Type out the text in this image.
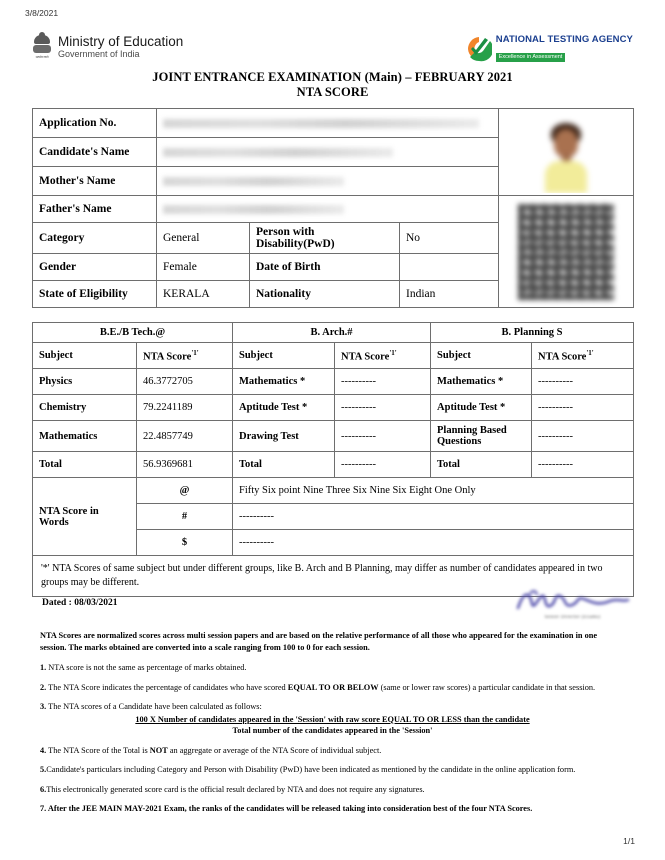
3/8/2021
सत्यमेव जयते
Ministry of Education
Government of India
NATIONAL TESTING AGENCY
Excellence in Assessment
JOINT ENTRANCE EXAMINATION (Main) – FEBRUARY 2021
NTA SCORE
Application No.			

Candidate's Name				

Mother's Name				

Father's Name			

Category	General	Person with Disability(PwD)	No	
Gender	Female	Date of Birth		
State of Eligibility	KERALA	Nationality	Indian	
B.E./B Tech.@		B. Arch.#		B. Planning S	
Subject	NTA Score$^{'1'}$	Subject	NTA Score$^{'1'}$	Subject	NTA Score$^{'1'}$
Physics	46.3772705	Mathematics *	----------	Mathematics *	----------
Chemistry	79.2241189	Aptitude Test *	----------	Aptitude Test *	----------
Mathematics	22.4857749	Drawing Test	----------	Planning Based Questions	----------
Total	56.9369681	Total	----------	Total	----------
NTA Score in Words	@	Fifty Six point Nine Three Six Nine Six Eight One Only			
	#	----------			
	$	----------			
'*' NTA Scores of same subject but under different groups, like B. Arch and B Planning, may differ as number of candidates appeared in two groups may be different.					
Dated : 08/03/2021
Senior Director (Exams)
NTA Scores are normalized scores across multi session papers and are based on the relative performance of all those who appeared for the examination in one session. The marks obtained are converted into a scale ranging from 100 to 0 for each session.
1. NTA score is not the same as percentage of marks obtained.
2. The NTA Score indicates the percentage of candidates who have scored EQUAL TO OR BELOW (same or lower raw scores) a particular candidate in that session.
3. The NTA scores of a Candidate have been calculated as follows:
100 X Number of candidates appeared in the 'Session' with raw score EQUAL TO OR LESS than the candidate
Total number of the candidates appeared in the 'Session'
4. The NTA Score of the Total is NOT an aggregate or average of the NTA Score of individual subject.
5.Candidate's particulars including Category and Person with Disability (PwD) have been indicated as mentioned by the candidate in the online application form.
6.This electronically generated score card is the official result declared by NTA and does not require any signatures.
7. After the JEE MAIN MAY-2021 Exam, the ranks of the candidates will be released taking into consideration best of the four NTA Scores.
1/1
